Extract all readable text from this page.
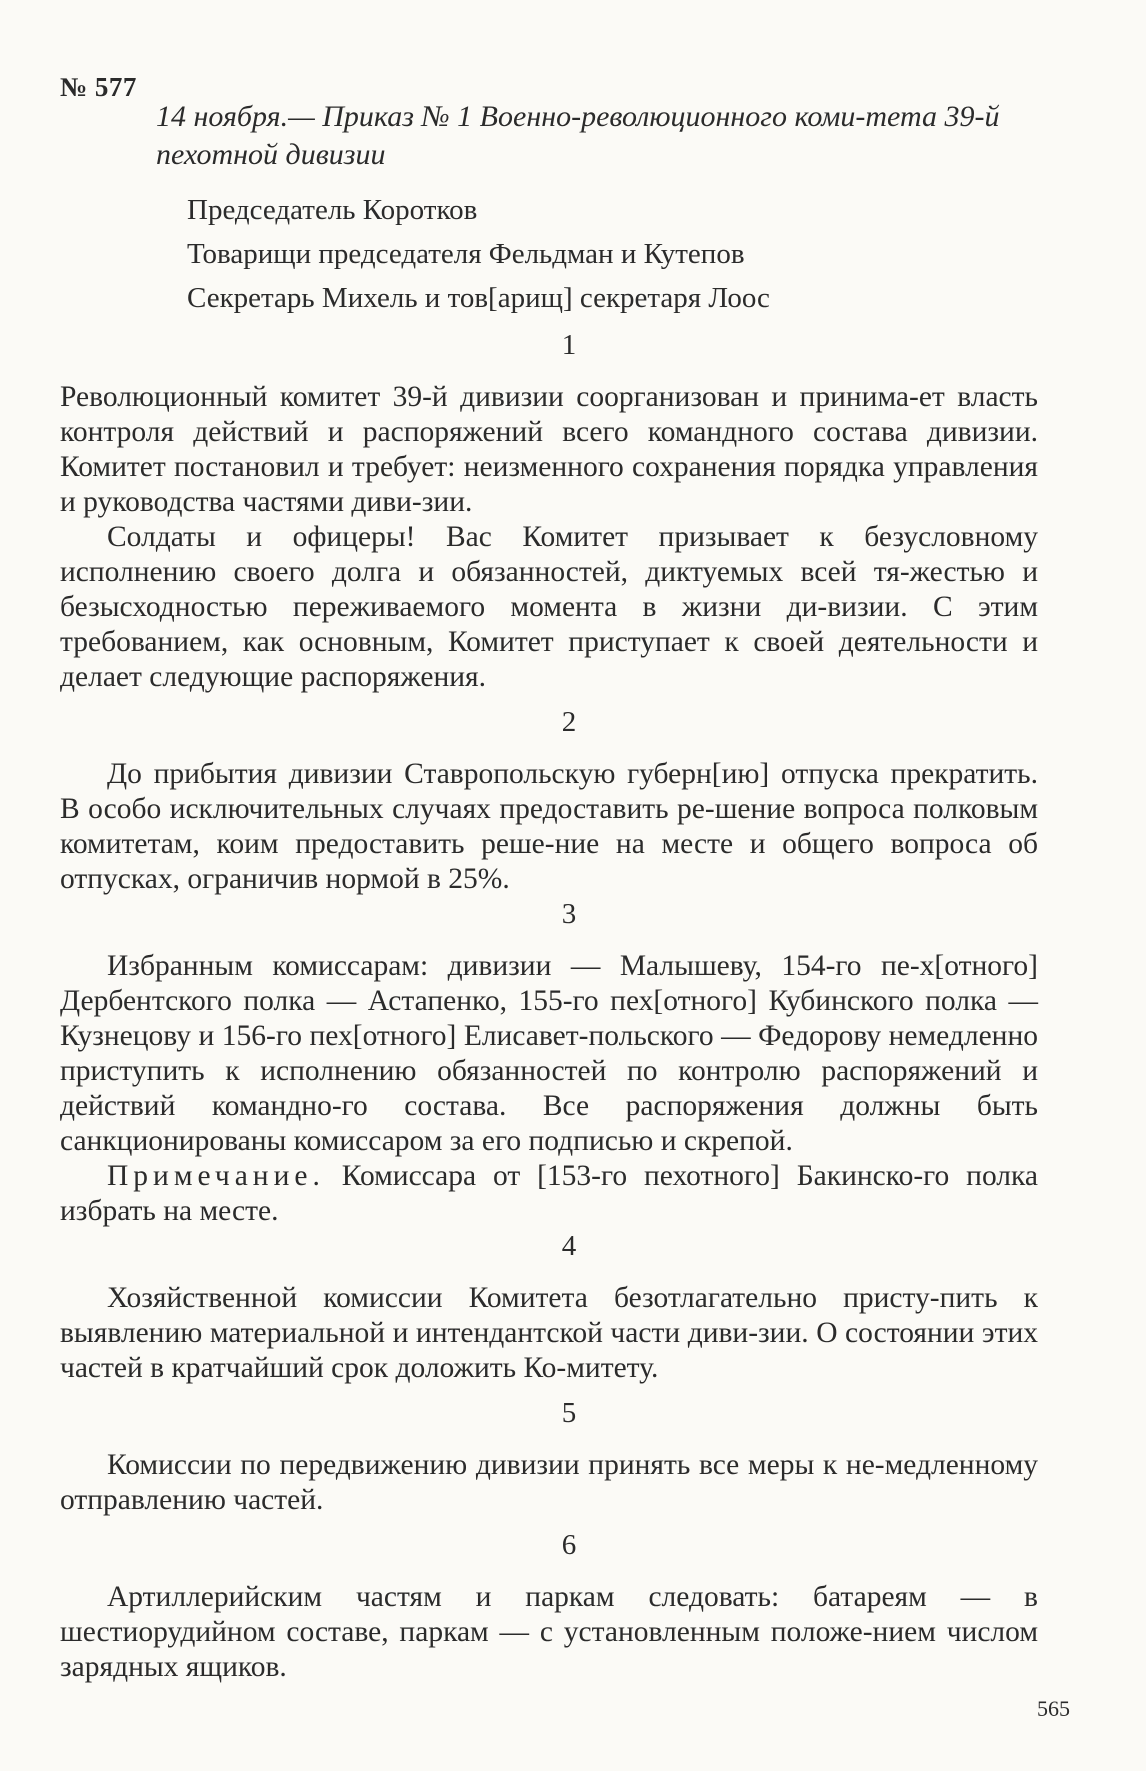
№ 577
14 ноября.— Приказ № 1 Военно-революционного коми-тета 39-й пехотной дивизии
Председатель Коротков
Товарищи председателя Фельдман и Кутепов
Секретарь Михель и тов[арищ] секретаря Лоос
1
Революционный комитет 39-й дивизии соорганизован и принима-ет власть контроля действий и распоряжений всего командного состава дивизии. Комитет постановил и требует: неизменного сохранения порядка управления и руководства частями диви-зии.
Солдаты и офицеры! Вас Комитет призывает к безусловному исполнению своего долга и обязанностей, диктуемых всей тя-жестью и безысходностью переживаемого момента в жизни ди-визии. С этим требованием, как основным, Комитет приступает к своей деятельности и делает следующие распоряжения.
2
До прибытия дивизии Ставропольскую губерн[ию] отпуска прекратить. В особо исключительных случаях предоставить ре-шение вопроса полковым комитетам, коим предоставить реше-ние на месте и общего вопроса об отпусках, ограничив нормой в 25%.
3
Избранным комиссарам: дивизии — Малышеву, 154-го пе-х[отного] Дербентского полка — Астапенко, 155-го пех[отного] Кубинского полка — Кузнецову и 156-го пех[отного] Елисавет-польского — Федорову немедленно приступить к исполнению обязанностей по контролю распоряжений и действий командно-го состава. Все распоряжения должны быть санкционированы комиссаром за его подписью и скрепой.
Примечание. Комиссара от [153-го пехотного] Бакинско-го полка избрать на месте.
4
Хозяйственной комиссии Комитета безотлагательно присту-пить к выявлению материальной и интендантской части диви-зии. О состоянии этих частей в кратчайший срок доложить Ко-митету.
5
Комиссии по передвижению дивизии принять все меры к не-медленному отправлению частей.
6
Артиллерийским частям и паркам следовать: батареям — в шестиорудийном составе, паркам — с установленным положе-нием числом зарядных ящиков.
565
